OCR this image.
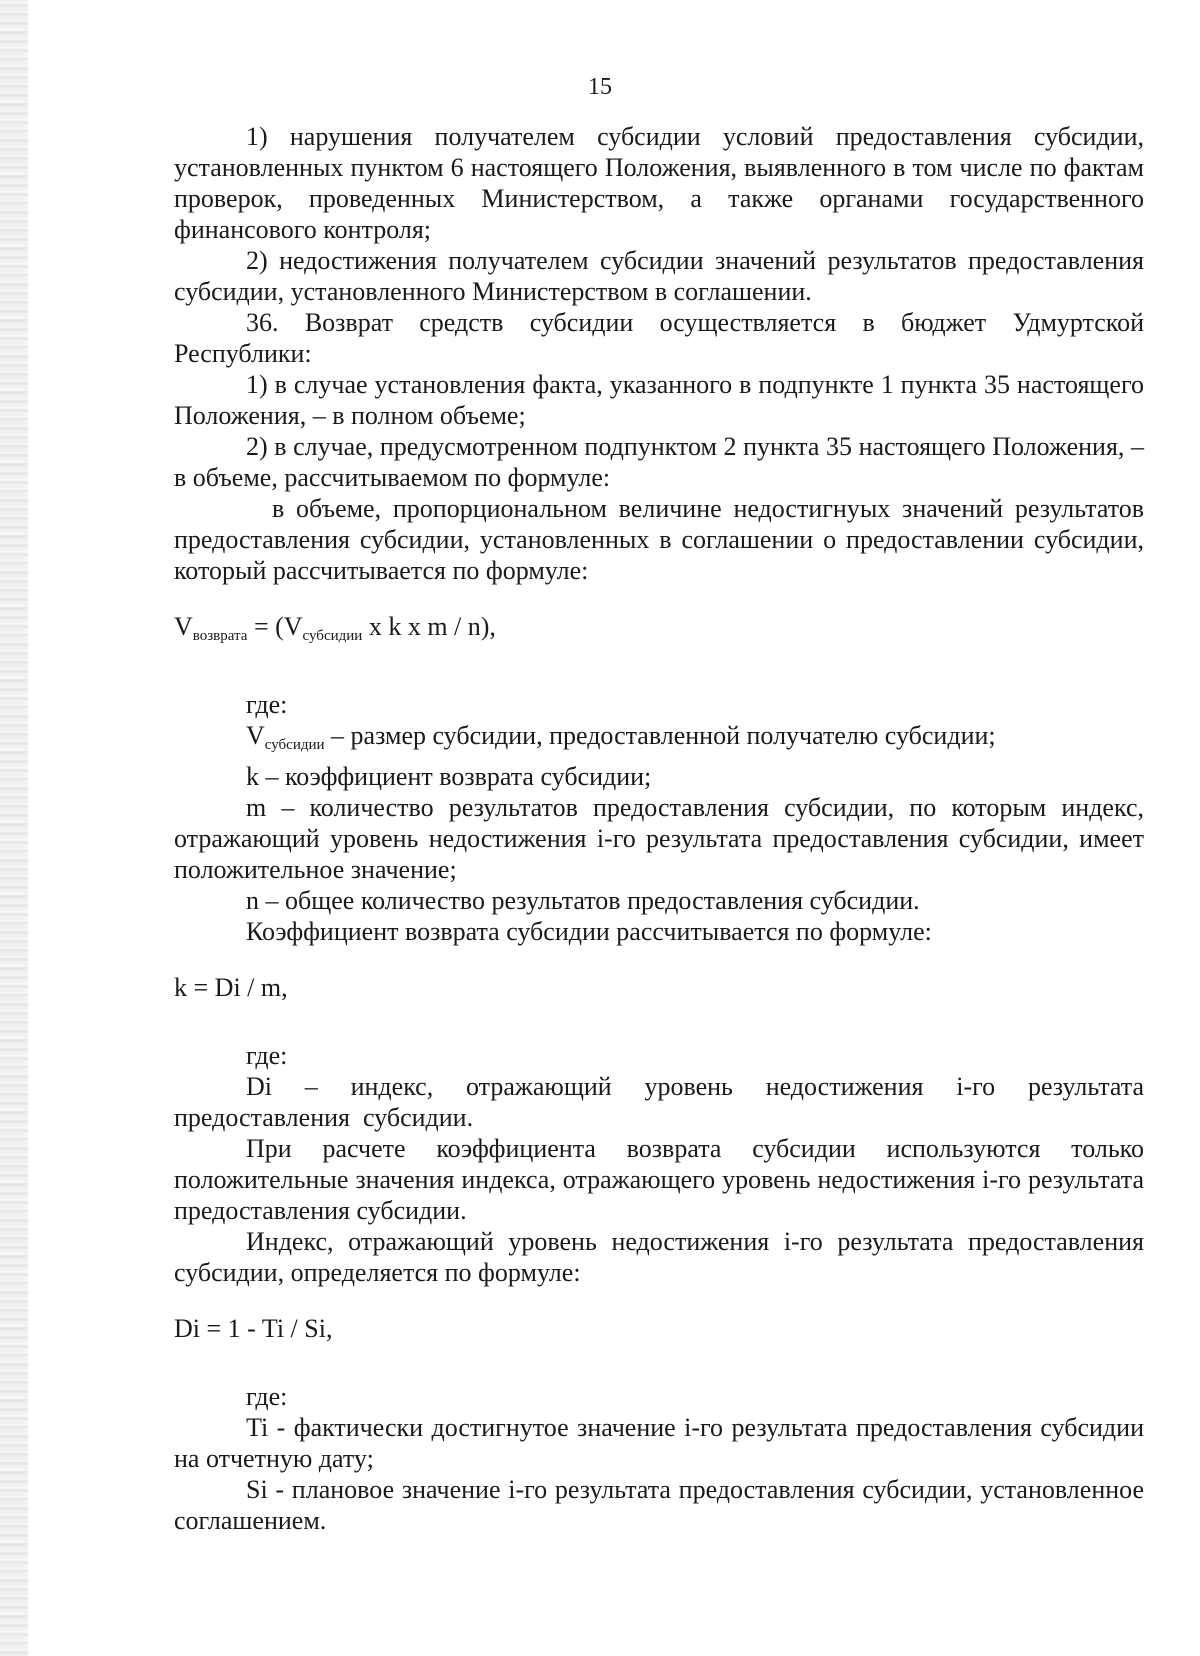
15

1) нарушения получателем субсидии условий предоставления субсидии, установленных пунктом 6 настоящего Положения, выявленного в том числе по фактам проверок, проведенных Министерством, а также органами государственного финансового контроля;

2) недостижения получателем субсидии значений результатов предоставления субсидии, установленного Министерством в соглашении.

36. Возврат средств субсидии осуществляется в бюджет Удмуртской Республики:

1) в случае установления факта, указанного в подпункте 1 пункта 35 настоящего Положения, – в полном объеме;

2) в случае, предусмотренном подпунктом 2 пункта 35 настоящего Положения, – в объеме, рассчитываемом по формуле:

в объеме, пропорциональном величине недостигнуых значений результатов предоставления субсидии, установленных в соглашении о предоставлении субсидии, который рассчитывается по формуле:

$V_{возврата} = (V_{субсидии}$ x k x m / n),

где:

Vсубсидии – размер субсидии, предоставленной получателю субсидии;

k – коэффициент возврата субсидии;

m – количество результатов предоставления субсидии, по которым индекс, отражающий уровень недостижения i-го результата предоставления субсидии, имеет положительное значение;

n – общее количество результатов предоставления субсидии.

Коэффициент возврата субсидии рассчитывается по формуле:

k = Di / m,

где:

Di – индекс, отражающий уровень недостижения i-го результата предоставления субсидии.

При расчете коэффициента возврата субсидии используются только положительные значения индекса, отражающего уровень недостижения i-го результата предоставления субсидии.

Индекс, отражающий уровень недостижения i-го результата предоставления субсидии, определяется по формуле:

Di = 1 - Ti / Si,

где:

Ti - фактически достигнутое значение i-го результата предоставления субсидии на отчетную дату;

Si - плановое значение i-го результата предоставления субсидии, установленное соглашением.
